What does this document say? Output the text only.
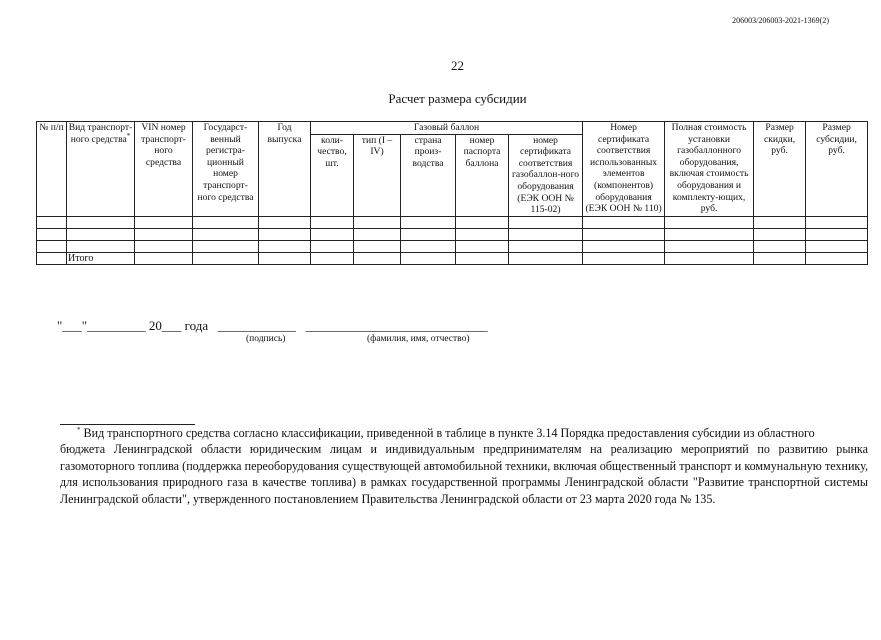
206003/206003-2021-1369(2)
22
Расчет размера субсидии
№ п/п	Вид транспорт-ного средства*	VIN номер транспорт-ного средства	Государст-венный регистра-ционный номер транспорт-ного средства	Год выпуска	Газовый баллон					Номер сертификата соответствия использованных элементов (компонентов) оборудования (ЕЭК ООН № 110)	Полная стоимость установки газобаллонного оборудования, включая стоимость оборудования и комплекту-ющих, руб.	Размер скидки, руб.	Размер субсидии, руб.
					коли-чество, шт.	тип (I – IV)	страна произ-водства	номер паспорта баллона	номер сертификата соответствия газобаллон-ного оборудования (ЕЭК ООН № 115-02)				

	Итого												
"___"_________ 20___ года   ____________   ____________________________
(подпись)	(фамилия, имя, отчество)
* Вид транспортного средства согласно классификации, приведенной в таблице в пункте 3.14 Порядка предоставления субсидии из областного
бюджета Ленинградской области юридическим лицам и индивидуальным предпринимателям на реализацию мероприятий по развитию рынка газомоторного топлива (поддержка переоборудования существующей автомобильной техники, включая общественный транспорт и коммунальную технику, для использования природного газа в качестве топлива) в рамках государственной программы Ленинградской области "Развитие транспортной системы Ленинградской области", утвержденного постановлением Правительства Ленинградской области от 23 марта 2020 года № 135.
